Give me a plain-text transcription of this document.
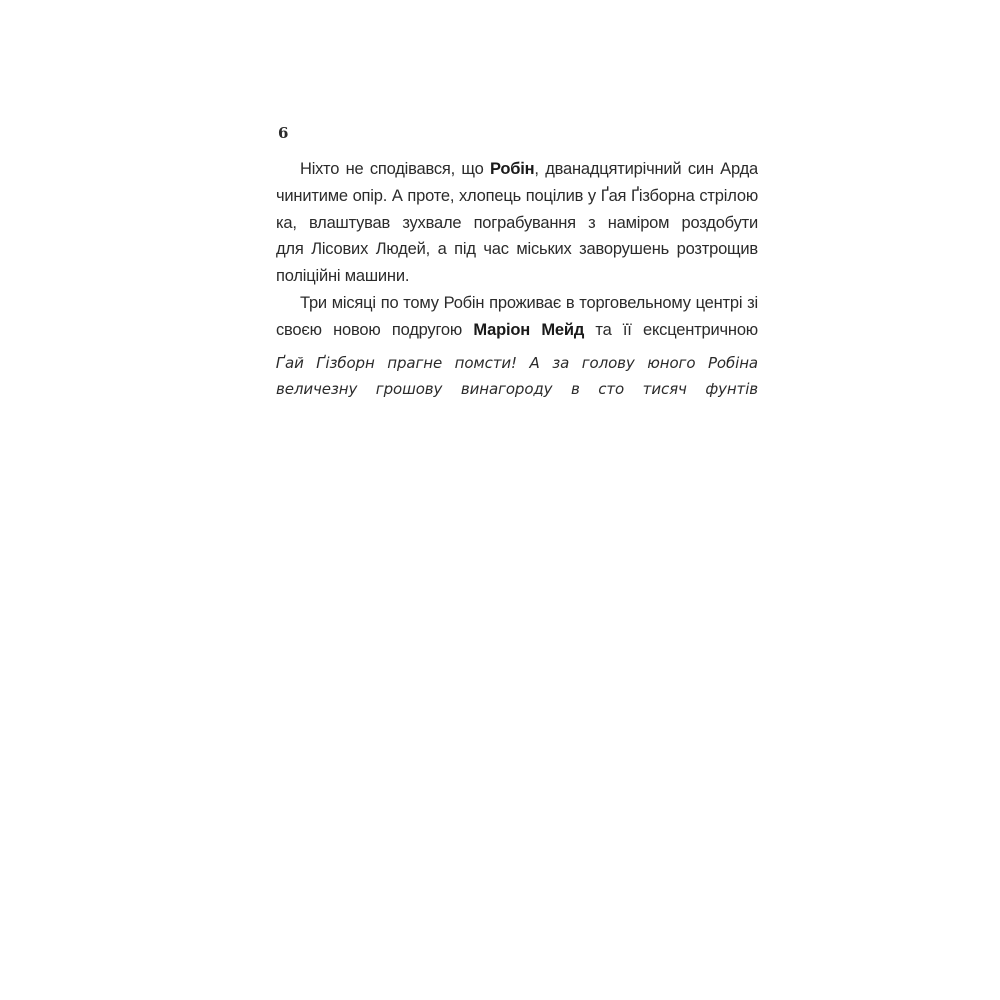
6
Ніхто не сподівався, що Робін, дванадцятирічний син Арда
чинитиме опір. А проте, хлопець поцілив у Ґая Ґізборна стрілою
ка, влаштував зухвале пограбування з наміром роздобути
для Лісових Людей, а під час міських заворушень розтрощив
поліційні машини.
Три місяці по тому Робін проживає в торговельному центрі зі
своєю новою подругою Маріон Мейд та її ексцентричною
Ґай Ґізборн прагне помсти! А за голову юного Робіна
величезну грошову винагороду в сто тисяч фунтів
